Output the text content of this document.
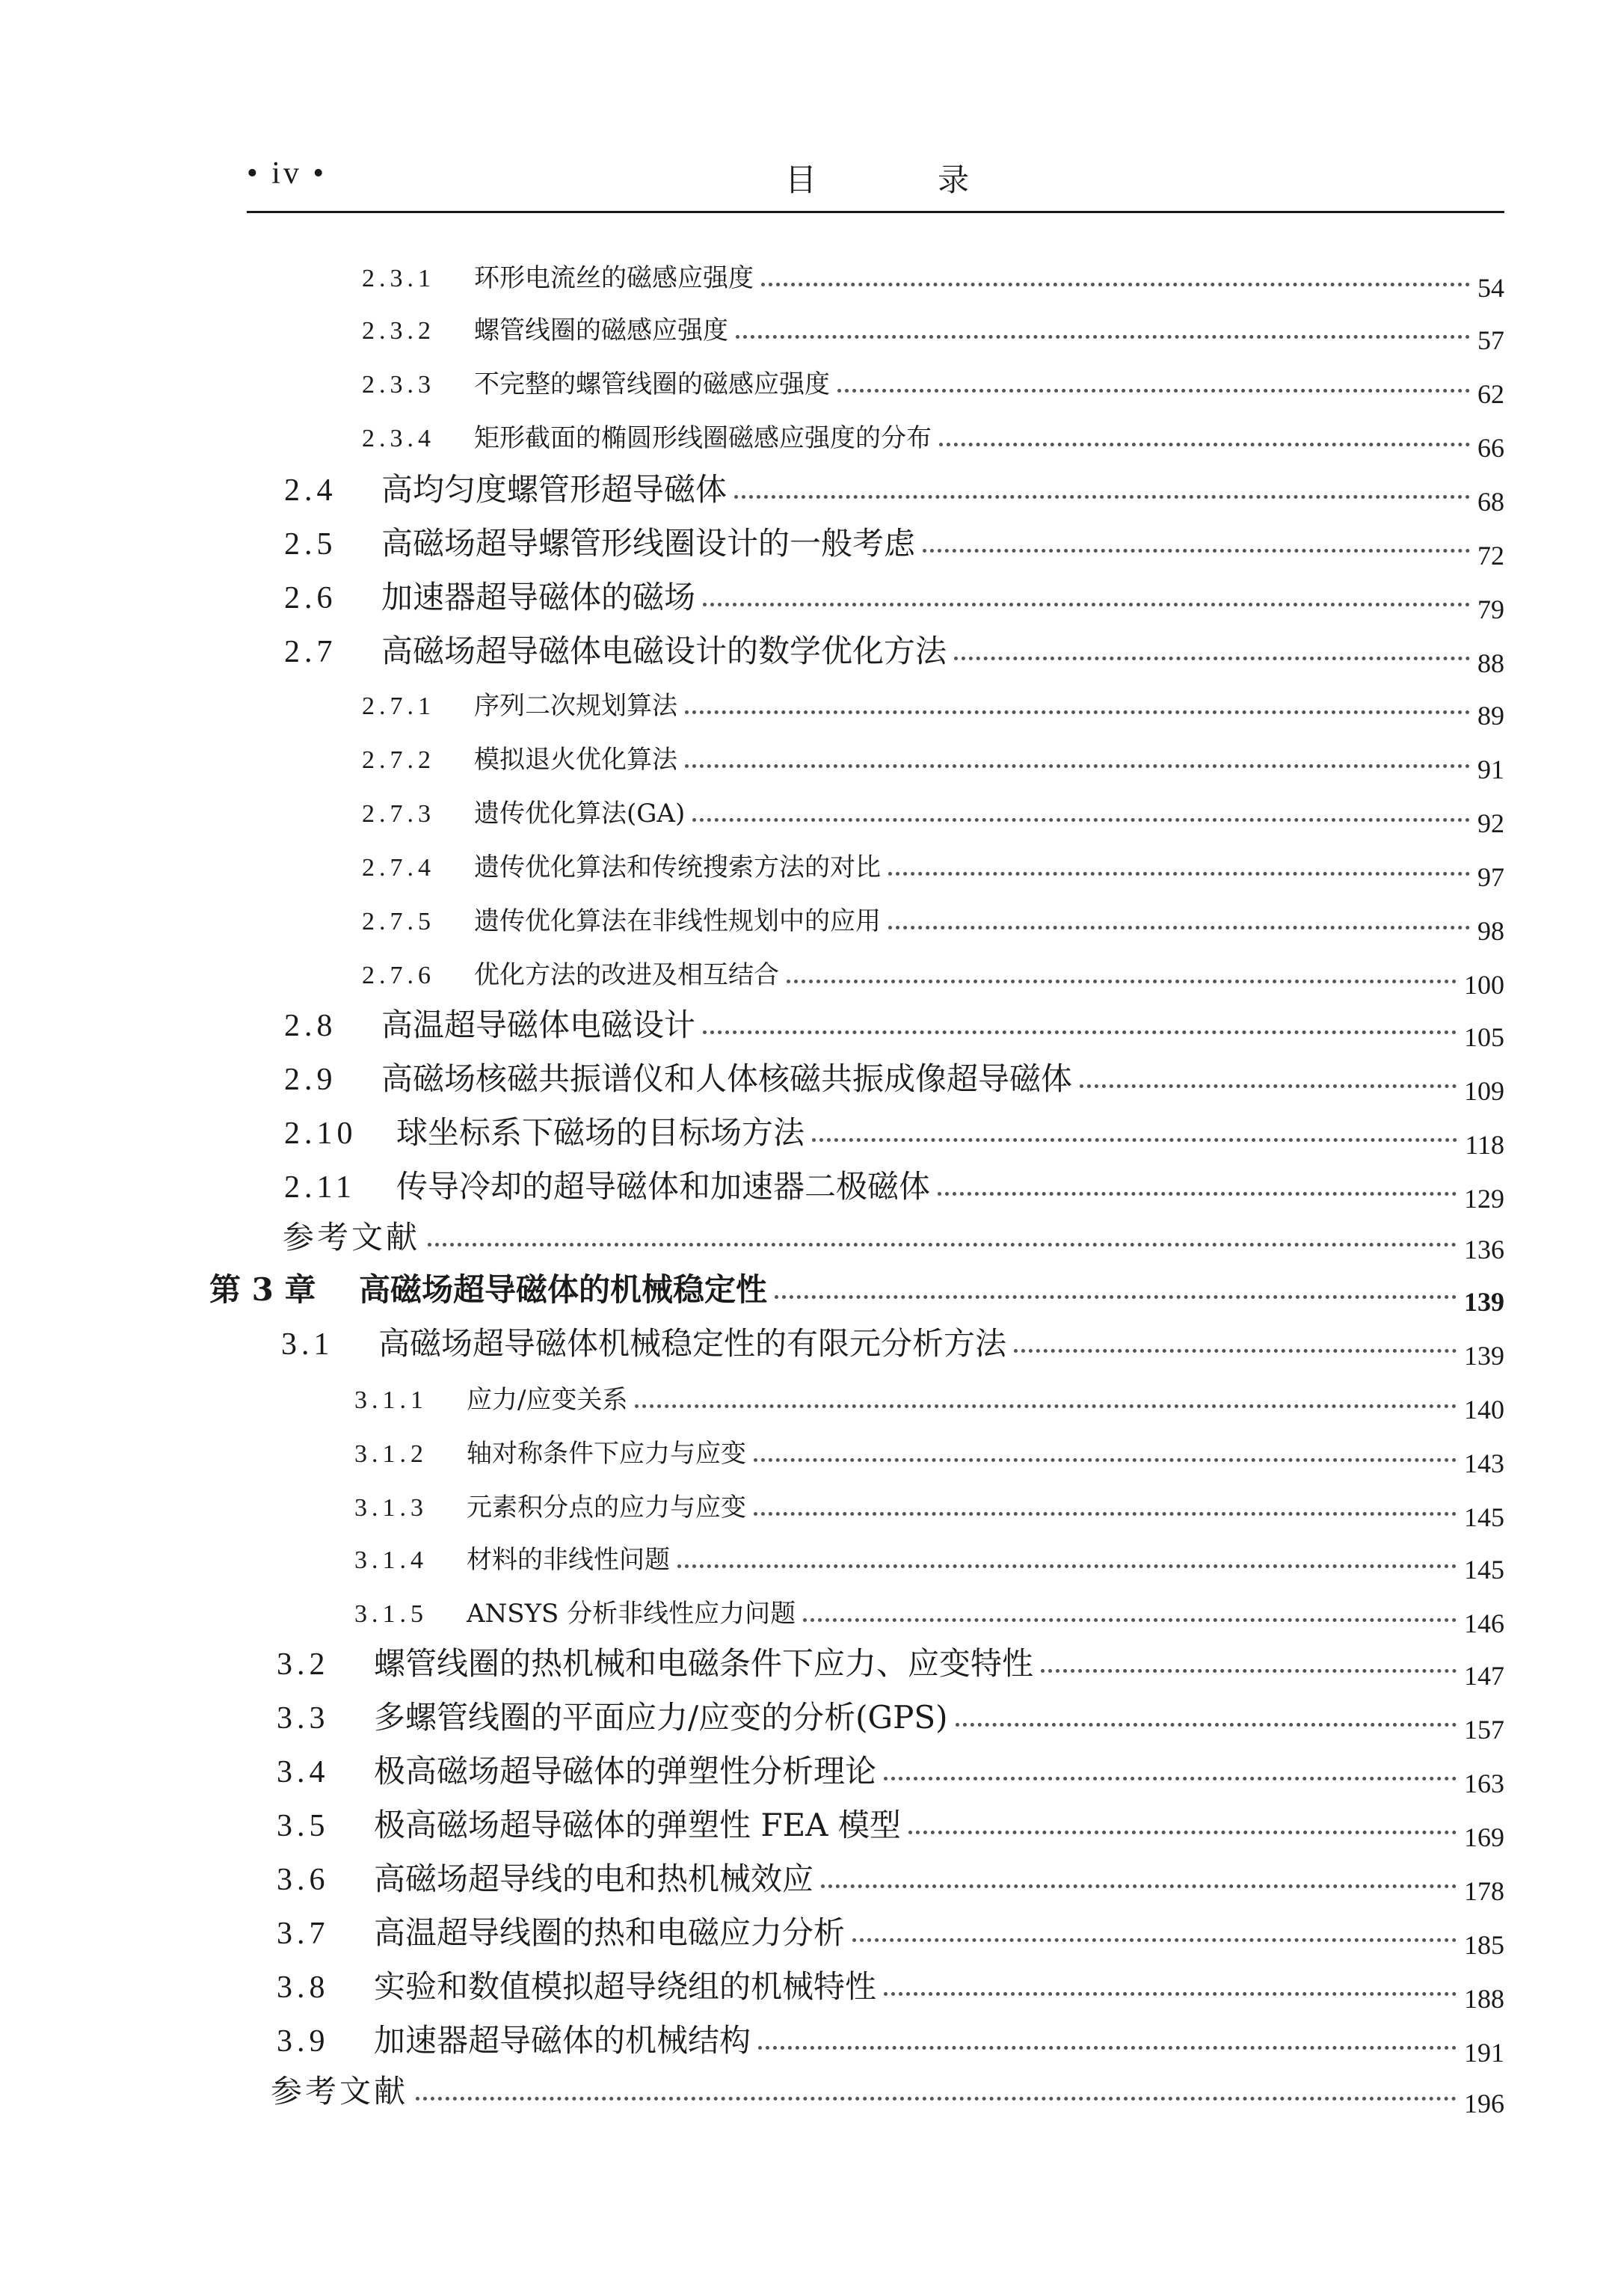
• iv •	目　录
2.3.1	环形电流丝的磁感应强度	54
2.3.2	螺管线圈的磁感应强度	57
2.3.3	不完整的螺管线圈的磁感应强度	62
2.3.4	矩形截面的椭圆形线圈磁感应强度的分布	66
2.4	高均匀度螺管形超导磁体	68
2.5	高磁场超导螺管形线圈设计的一般考虑	72
2.6	加速器超导磁体的磁场	79
2.7	高磁场超导磁体电磁设计的数学优化方法	88
2.7.1	序列二次规划算法	89
2.7.2	模拟退火优化算法	91
2.7.3	遗传优化算法(GA)	92
2.7.4	遗传优化算法和传统搜索方法的对比	97
2.7.5	遗传优化算法在非线性规划中的应用	98
2.7.6	优化方法的改进及相互结合	100
2.8	高温超导磁体电磁设计	105
2.9	高磁场核磁共振谱仪和人体核磁共振成像超导磁体	109
2.10	球坐标系下磁场的目标场方法	118
2.11	传导冷却的超导磁体和加速器二极磁体	129
参考文献	136
第 3 章	高磁场超导磁体的机械稳定性	139
3.1	高磁场超导磁体机械稳定性的有限元分析方法	139
3.1.1	应力/应变关系	140
3.1.2	轴对称条件下应力与应变	143
3.1.3	元素积分点的应力与应变	145
3.1.4	材料的非线性问题	145
3.1.5	ANSYS 分析非线性应力问题	146
3.2	螺管线圈的热机械和电磁条件下应力、应变特性	147
3.3	多螺管线圈的平面应力/应变的分析(GPS)	157
3.4	极高磁场超导磁体的弹塑性分析理论	163
3.5	极高磁场超导磁体的弹塑性 FEA 模型	169
3.6	高磁场超导线的电和热机械效应	178
3.7	高温超导线圈的热和电磁应力分析	185
3.8	实验和数值模拟超导绕组的机械特性	188
3.9	加速器超导磁体的机械结构	191
参考文献	196
